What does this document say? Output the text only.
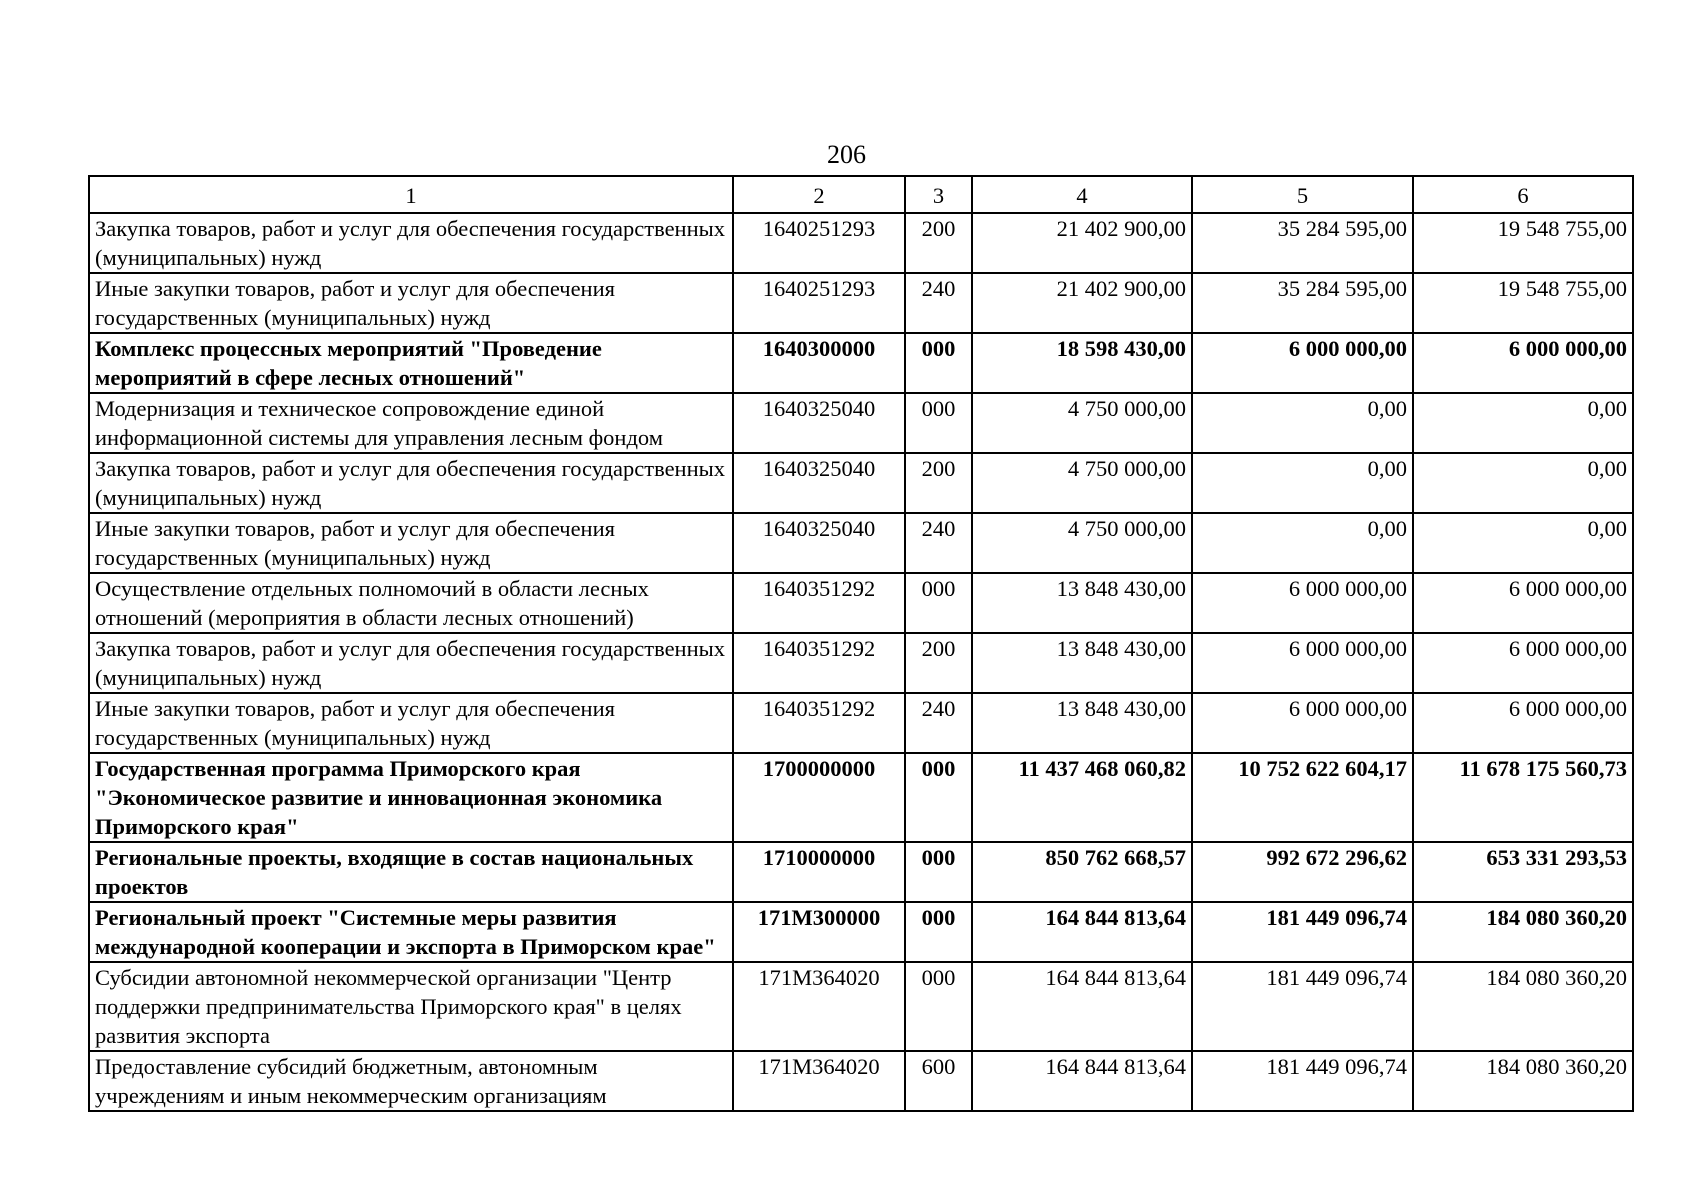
206
1	2	3	4	5	6
Закупка товаров, работ и услуг для обеспечения государственных (муниципальных) нужд	1640251293	200	21 402 900,00	35 284 595,00	19 548 755,00
Иные закупки товаров, работ и услуг для обеспечения государственных (муниципальных) нужд	1640251293	240	21 402 900,00	35 284 595,00	19 548 755,00
Комплекс процессных мероприятий "Проведение мероприятий в сфере лесных отношений"	1640300000	000	18 598 430,00	6 000 000,00	6 000 000,00
Модернизация и техническое сопровождение единой информационной системы для управления лесным фондом	1640325040	000	4 750 000,00	0,00	0,00
Закупка товаров, работ и услуг для обеспечения государственных (муниципальных) нужд	1640325040	200	4 750 000,00	0,00	0,00
Иные закупки товаров, работ и услуг для обеспечения государственных (муниципальных) нужд	1640325040	240	4 750 000,00	0,00	0,00
Осуществление отдельных полномочий в области лесных отношений (мероприятия в области лесных отношений)	1640351292	000	13 848 430,00	6 000 000,00	6 000 000,00
Закупка товаров, работ и услуг для обеспечения государственных (муниципальных) нужд	1640351292	200	13 848 430,00	6 000 000,00	6 000 000,00
Иные закупки товаров, работ и услуг для обеспечения государственных (муниципальных) нужд	1640351292	240	13 848 430,00	6 000 000,00	6 000 000,00
Государственная программа Приморского края "Экономическое развитие и инновационная экономика Приморского края"	1700000000	000	11 437 468 060,82	10 752 622 604,17	11 678 175 560,73
Региональные проекты, входящие в состав национальных проектов	1710000000	000	850 762 668,57	992 672 296,62	653 331 293,53
Региональный проект "Системные меры развития международной кооперации и экспорта в Приморском крае"	171М300000	000	164 844 813,64	181 449 096,74	184 080 360,20
Субсидии автономной некоммерческой организации "Центр поддержки предпринимательства Приморского края" в целях развития экспорта	171М364020	000	164 844 813,64	181 449 096,74	184 080 360,20
Предоставление субсидий бюджетным, автономным учреждениям и иным некоммерческим организациям	171М364020	600	164 844 813,64	181 449 096,74	184 080 360,20
